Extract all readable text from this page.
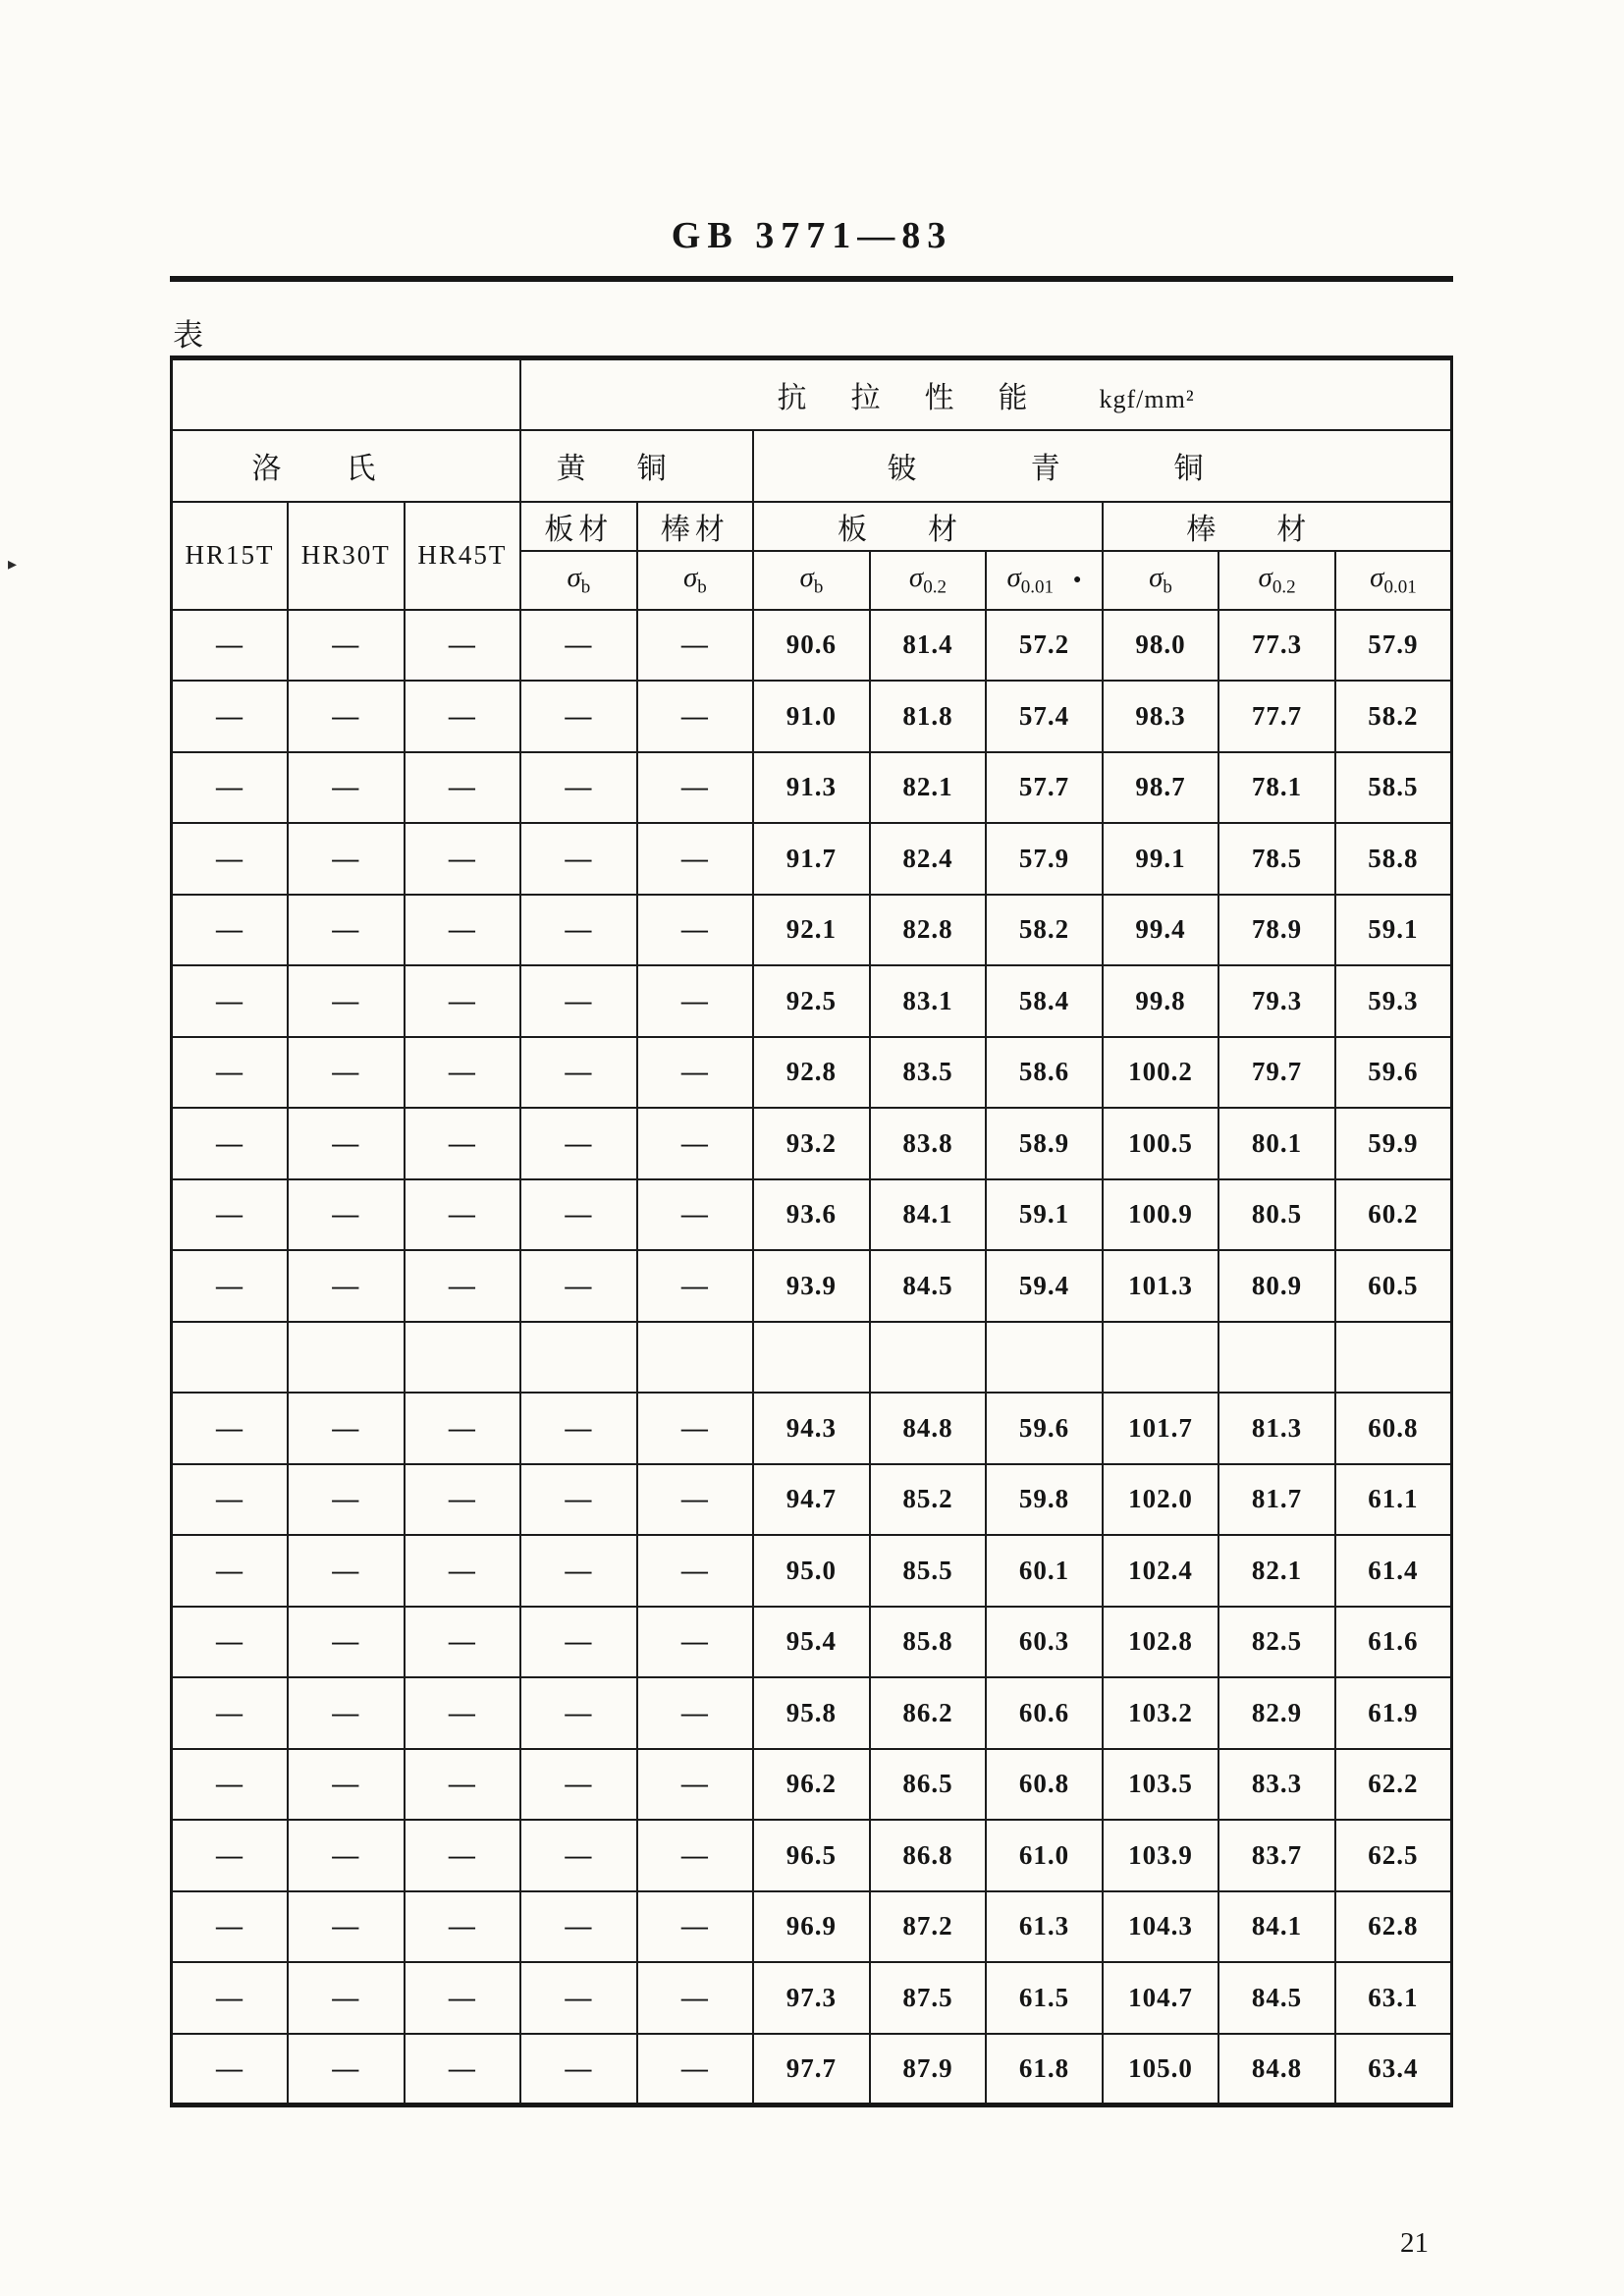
GB 3771—83
表
▸
			抗拉性能 kgf/mm²							
洛氏			黄铜		铍青铜					
HR15T	HR30T	HR45T	板材	棒材	板材			棒材		
			$\sigma_b$	$\sigma_b$	$\sigma_b$	$\sigma_{0.2}$	$\sigma_{0.01}$ ●	$\sigma_b$	$\sigma_{0.2}$	$\sigma_{0.01}$
—	—	—	—	—	90.6	81.4	57.2	98.0	77.3	57.9
—	—	—	—	—	91.0	81.8	57.4	98.3	77.7	58.2
—	—	—	—	—	91.3	82.1	57.7	98.7	78.1	58.5
—	—	—	—	—	91.7	82.4	57.9	99.1	78.5	58.8
—	—	—	—	—	92.1	82.8	58.2	99.4	78.9	59.1
—	—	—	—	—	92.5	83.1	58.4	99.8	79.3	59.3
—	—	—	—	—	92.8	83.5	58.6	100.2	79.7	59.6
—	—	—	—	—	93.2	83.8	58.9	100.5	80.1	59.9
—	—	—	—	—	93.6	84.1	59.1	100.9	80.5	60.2
—	—	—	—	—	93.9	84.5	59.4	101.3	80.9	60.5

—	—	—	—	—	94.3	84.8	59.6	101.7	81.3	60.8
—	—	—	—	—	94.7	85.2	59.8	102.0	81.7	61.1
—	—	—	—	—	95.0	85.5	60.1	102.4	82.1	61.4
—	—	—	—	—	95.4	85.8	60.3	102.8	82.5	61.6
—	—	—	—	—	95.8	86.2	60.6	103.2	82.9	61.9
—	—	—	—	—	96.2	86.5	60.8	103.5	83.3	62.2
—	—	—	—	—	96.5	86.8	61.0	103.9	83.7	62.5
—	—	—	—	—	96.9	87.2	61.3	104.3	84.1	62.8
—	—	—	—	—	97.3	87.5	61.5	104.7	84.5	63.1
—	—	—	—	—	97.7	87.9	61.8	105.0	84.8	63.4
21
